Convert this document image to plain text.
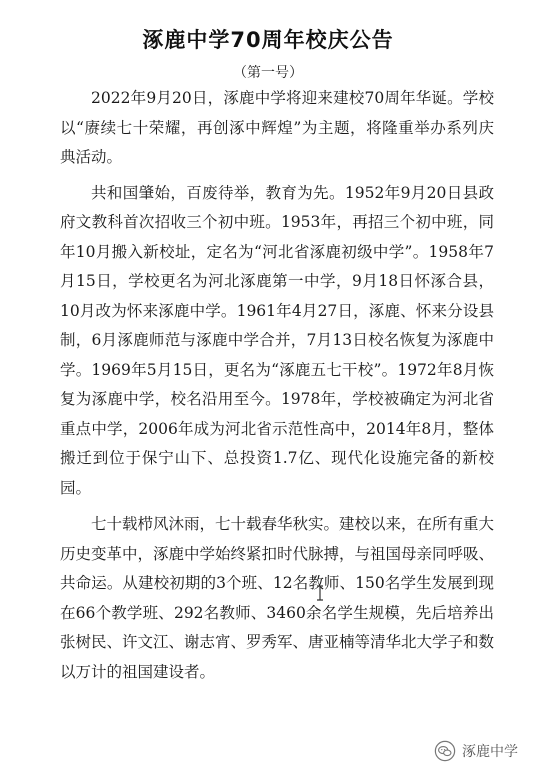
涿鹿中学70周年校庆公告
（第一号）

2022年9月20日，涿鹿中学将迎来建校70周年华诞。学校以“赓续七十荣耀，再创涿中辉煌”为主题，将隆重举办系列庆典活动。

共和国肇始，百废待举，教育为先。1952年9月20日县政府文教科首次招收三个初中班。1953年，再招三个初中班，同年10月搬入新校址，定名为“河北省涿鹿初级中学”。1958年7月15日，学校更名为河北涿鹿第一中学，9月18日怀涿合县，10月改为怀来涿鹿中学。1961年4月27日，涿鹿、怀来分设县制，6月涿鹿师范与涿鹿中学合并，7月13日校名恢复为涿鹿中学。1969年5月15日，更名为“涿鹿五七干校”。1972年8月恢复为涿鹿中学，校名沿用至今。1978年，学校被确定为河北省重点中学，2006年成为河北省示范性高中，2014年8月，整体搬迁到位于保宁山下、总投资1.7亿、现代化设施完备的新校园。

七十载栉风沐雨，七十载春华秋实。建校以来，在所有重大历史变革中，涿鹿中学始终紧扣时代脉搏，与祖国母亲同呼吸、共命运。从建校初期的3个班、12名教师、150名学生发展到现在66个教学班、292名教师、3460余名学生规模，先后培养出张树民、许文江、谢志宵、罗秀军、唐亚楠等清华北大学子和数以万计的祖国建设者。

涿鹿中学
